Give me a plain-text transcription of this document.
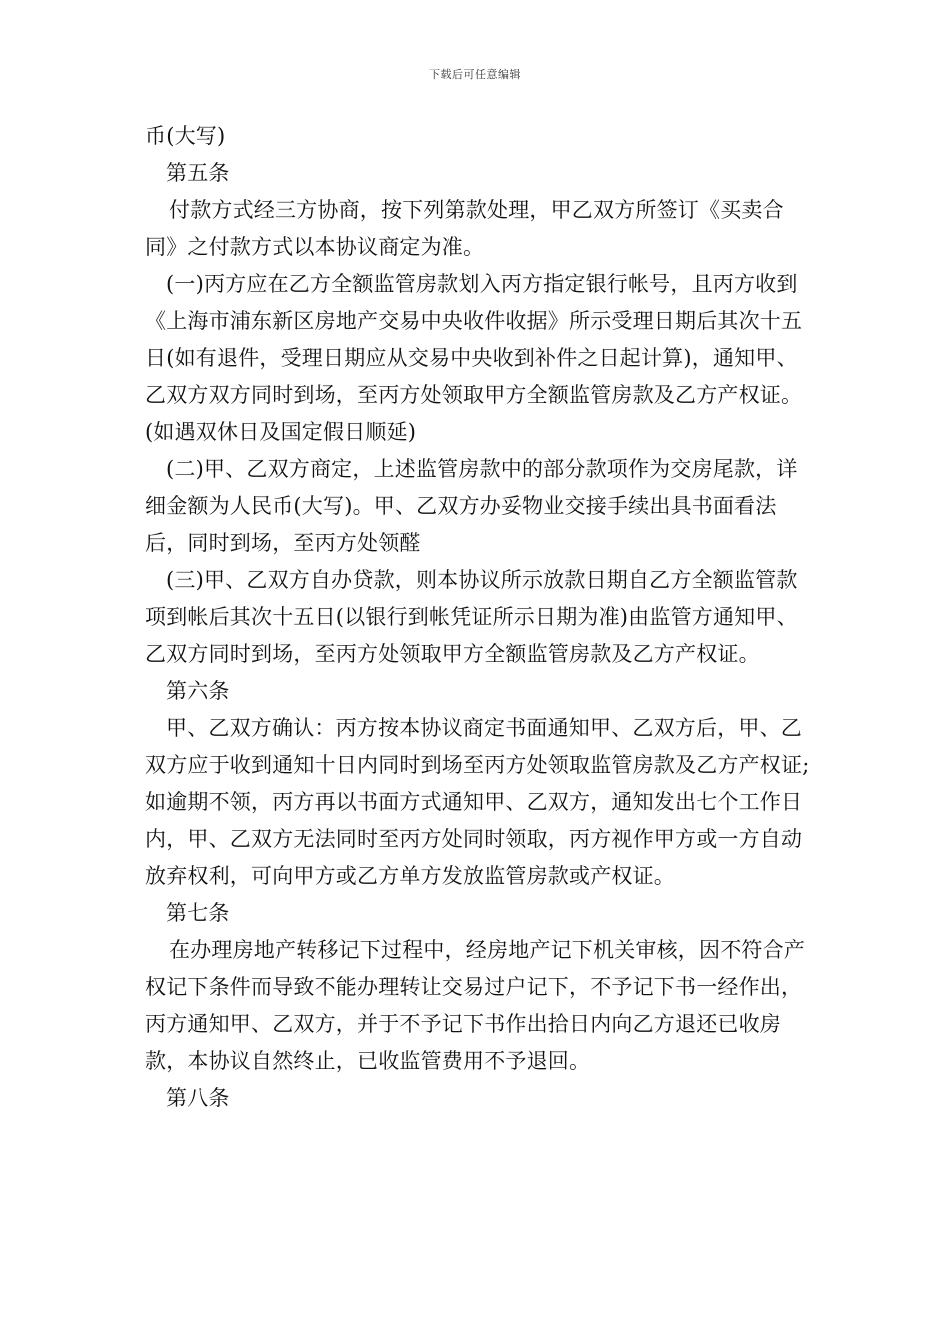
下载后可任意编辑

币(大写)

第五条

付款方式经三方协商，按下列第款处理，甲乙双方所签订《买卖合同》之付款方式以本协议商定为准。

(一)丙方应在乙方全额监管房款划入丙方指定银行帐号，且丙方收到《上海市浦东新区房地产交易中央收件收据》所示受理日期后其次十五日(如有退件，受理日期应从交易中央收到补件之日起计算)，通知甲、乙双方双方同时到场，至丙方处领取甲方全额监管房款及乙方产权证。(如遇双休日及国定假日顺延)

(二)甲、乙双方商定，上述监管房款中的部分款项作为交房尾款，详细金额为人民币(大写)。甲、乙双方办妥物业交接手续出具书面看法后，同时到场，至丙方处领醛

(三)甲、乙双方自办贷款，则本协议所示放款日期自乙方全额监管款项到帐后其次十五日(以银行到帐凭证所示日期为准)由监管方通知甲、乙双方同时到场，至丙方处领取甲方全额监管房款及乙方产权证。

第六条

甲、乙双方确认：丙方按本协议商定书面通知甲、乙双方后，甲、乙双方应于收到通知十日内同时到场至丙方处领取监管房款及乙方产权证;如逾期不领，丙方再以书面方式通知甲、乙双方，通知发出七个工作日内，甲、乙双方无法同时至丙方处同时领取，丙方视作甲方或一方自动放弃权利，可向甲方或乙方单方发放监管房款或产权证。

第七条

在办理房地产转移记下过程中，经房地产记下机关审核，因不符合产权记下条件而导致不能办理转让交易过户记下，不予记下书一经作出，丙方通知甲、乙双方，并于不予记下书作出拾日内向乙方退还已收房款，本协议自然终止，已收监管费用不予退回。

第八条
